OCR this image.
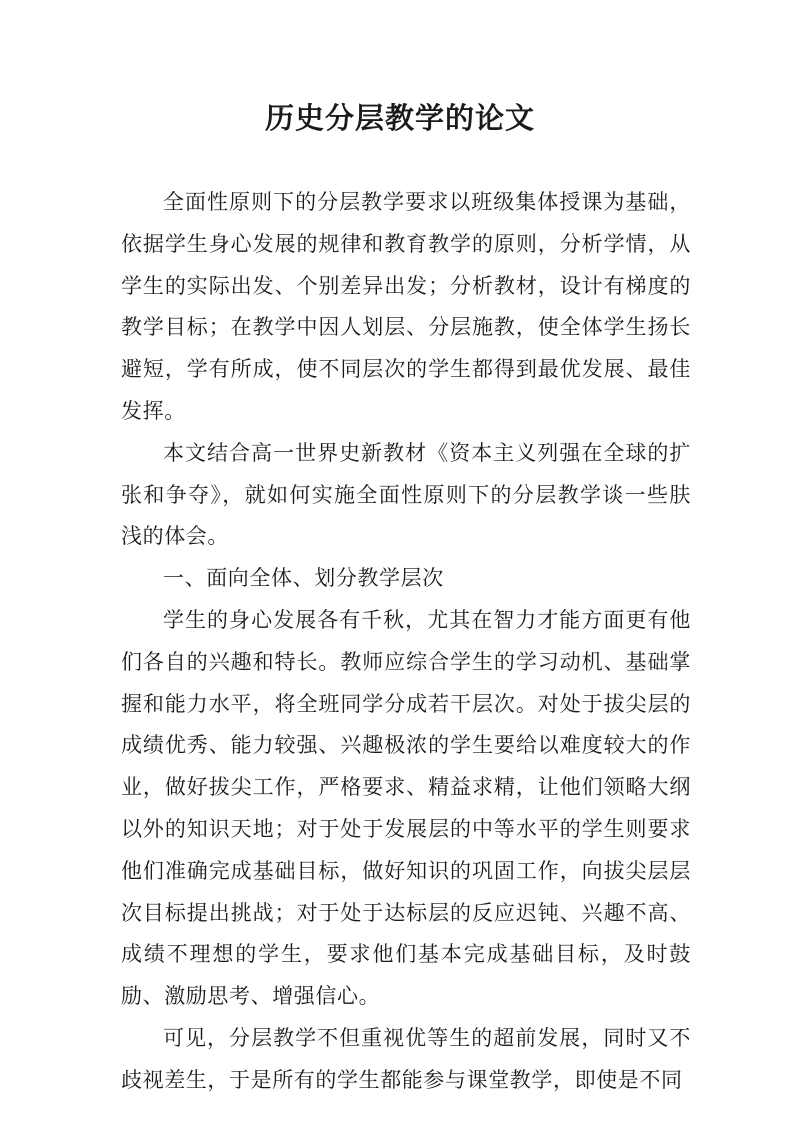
历史分层教学的论文

全面性原则下的分层教学要求以班级集体授课为基础，依据学生身心发展的规律和教育教学的原则，分析学情，从学生的实际出发、个别差异出发；分析教材，设计有梯度的教学目标；在教学中因人划层、分层施教，使全体学生扬长避短，学有所成，使不同层次的学生都得到最优发展、最佳发挥。

本文结合高一世界史新教材《资本主义列强在全球的扩张和争夺》，就如何实施全面性原则下的分层教学谈一些肤浅的体会。

一、面向全体、划分教学层次

学生的身心发展各有千秋，尤其在智力才能方面更有他们各自的兴趣和特长。教师应综合学生的学习动机、基础掌握和能力水平，将全班同学分成若干层次。对处于拔尖层的成绩优秀、能力较强、兴趣极浓的学生要给以难度较大的作业，做好拔尖工作，严格要求、精益求精，让他们领略大纲以外的知识天地；对于处于发展层的中等水平的学生则要求他们准确完成基础目标，做好知识的巩固工作，向拔尖层层次目标提出挑战；对于处于达标层的反应迟钝、兴趣不高、成绩不理想的学生，要求他们基本完成基础目标，及时鼓励、激励思考、增强信心。

可见，分层教学不但重视优等生的超前发展，同时又不歧视差生，于是所有的学生都能参与课堂教学，即使是不同
